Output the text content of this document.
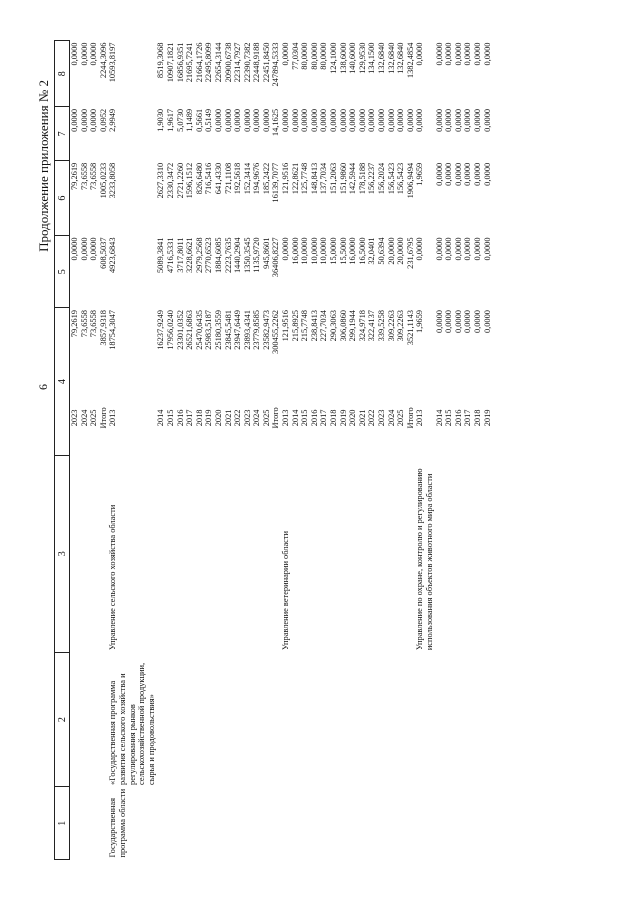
6
Продолжение приложения № 2
1	2	3	4		5	6	7	8
			2023	79,2619	0,0000	79,2619	0,0000	0,0000
			2024	73,6558	0,0000	73,6558	0,0000	0,0000
			2025	73,6558	0,0000	73,6558	0,0000	0,0000
			Итого	3857,9318	608,5037	1005,0233	0,0952	2244,3096
Государственная программа области	«Государственная программа развития сельского хозяйства и регулирования рынков сельскохозяйственной продукции, сырья и продовольствия»	Управление сельского хозяйства области	2013	18754,3047	4923,6843	3233,8058	2,9949	10593,8197
			2014	16237,9249	5089,3841	2627,3310	1,9030	8519,3068
			2015	17956,0240	4716,5331	2330,3472	1,9617	10907,1821
			2016	23301,0352	3717,8011	2721,2260	5,0730	16856,9351
			2017	26521,6863	3228,6621	1596,1512	1,1489	21695,7241
			2018	25470,6435	2979,2568	826,6480	0,5661	21664,1726
			2019	25983,5187	2770,6523	716,5416	0,5149	22495,8099
			2020	25180,3559	1884,6085	641,4330	0,0000	22654,3144
			2021	23845,5481	2223,7635	721,1108	0,0000	20900,6738
			2022	23947,6449	1440,2904	192,5618	0,0000	22314,7927
			2023	23893,4341	1350,3545	152,3414	0,0000	22390,7382
			2024	23779,8585	1135,9720	194,9676	0,0000	22448,9188
			2025	23582,9473	945,8601	185,2422	0,0000	22451,8450
			Итого	300455,2262	36406,8227	16139,7077	14,1625	247894,5333
		Управление ветеринарии области	2013	121,9516	0,0000	121,9516	0,0000	0,0000
			2014	215,8925	16,0000	122,8621	0,0000	77,0304
			2015	215,7748	10,0000	125,7748	0,0000	80,0000
			2016	238,8413	10,0000	148,8413	0,0000	80,0000
			2017	227,7034	10,0000	137,7034	0,0000	80,0000
			2018	290,3063	15,0000	151,2063	0,0000	124,1000
			2019	306,0860	15,5000	151,9860	0,0000	138,6000
			2020	299,1944	16,0000	142,5944	0,0000	140,6000
			2021	324,9718	16,5000	178,5188	0,0000	129,9530
			2022	322,4137	32,0401	156,2237	0,0000	134,1500
			2023	339,5258	50,6394	156,2024	0,0000	132,6840
			2024	309,2263	20,0000	156,5423	0,0000	132,6840
			2025	309,2263	20,0000	156,5423	0,0000	132,6840
			Итого	3521,1143	231,6795	1906,9494	0,0000	1382,4854
		Управление по охране, контролю и регулированию использования объектов животного мира области	2013	1,9659	0,0000	1,9659	0,0000	0,0000
			2014	0,0000	0,0000	0,0000	0,0000	0,0000
			2015	0,0000	0,0000	0,0000	0,0000	0,0000
			2016	0,0000	0,0000	0,0000	0,0000	0,0000
			2017	0,0000	0,0000	0,0000	0,0000	0,0000
			2018	0,0000	0,0000	0,0000	0,0000	0,0000
			2019	0,0000	0,0000	0,0000	0,0000	0,0000
